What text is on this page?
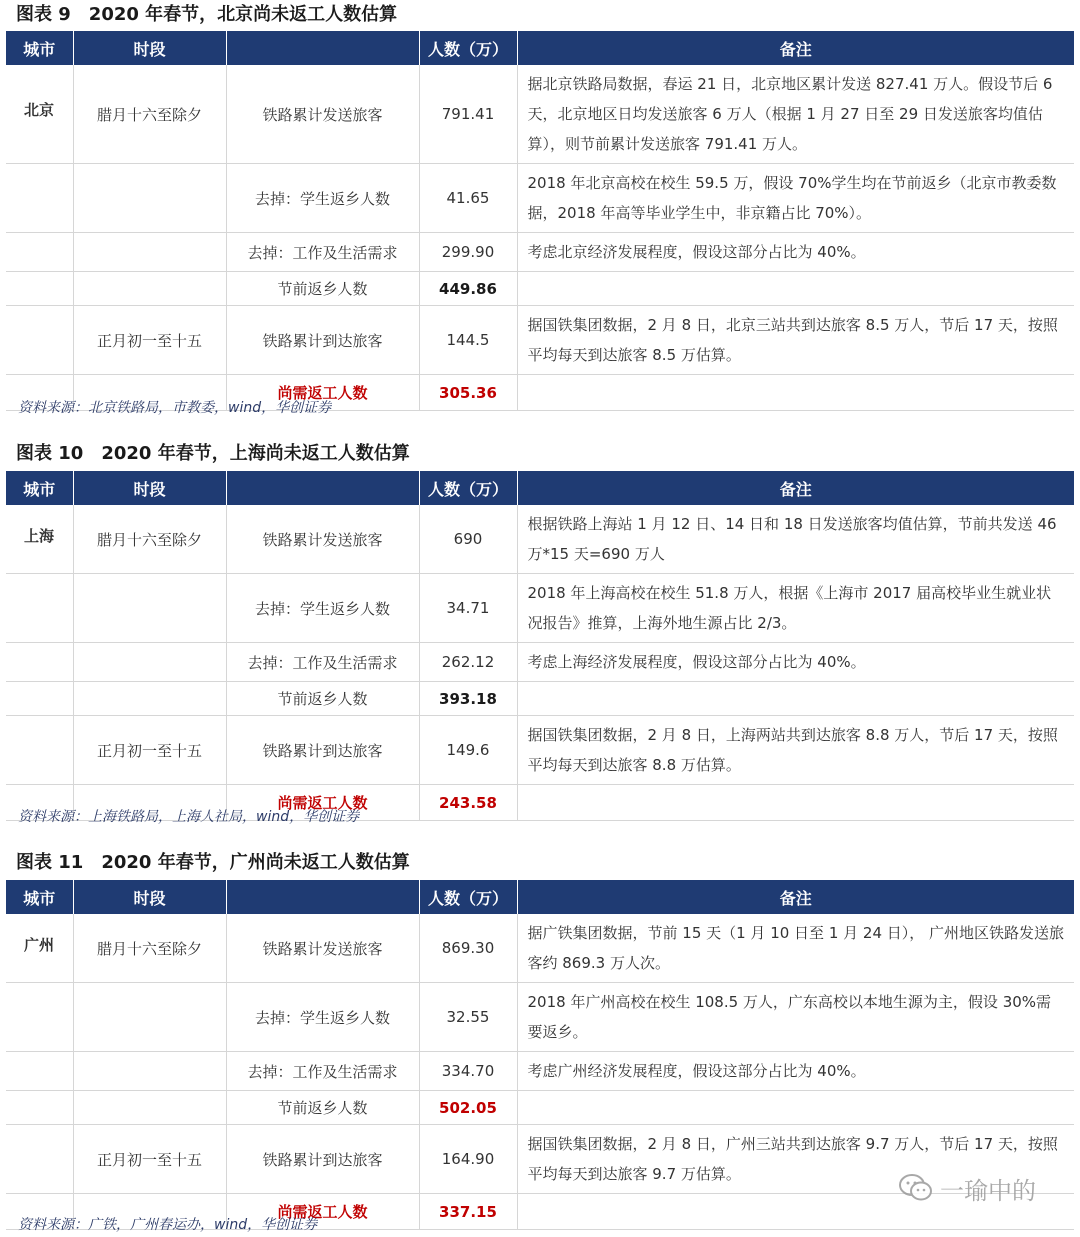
图表 9 2020 年春节，北京尚未返工人数估算
城市	时段		人数（万）	备注
北京	腊月十六至除夕	铁路累计发送旅客	791.41	据北京铁路局数据，春运 21 日，北京地区累计发送 827.41 万人。假设节后 6 天，北京地区日均发送旅客 6 万人（根据 1 月 27 日至 29 日发送旅客均值估算），则节前累计发送旅客 791.41 万人。
		去掉：学生返乡人数	41.65	2018 年北京高校在校生 59.5 万，假设 70%学生均在节前返乡（北京市教委数据，2018 年高等毕业学生中，非京籍占比 70%）。
		去掉：工作及生活需求	299.90	考虑北京经济发展程度，假设这部分占比为 40%。
		节前返乡人数	449.86	
	正月初一至十五	铁路累计到达旅客	144.5	据国铁集团数据，2 月 8 日，北京三站共到达旅客 8.5 万人，节后 17 天，按照平均每天到达旅客 8.5 万估算。
		尚需返工人数	305.36	
资料来源：北京铁路局，市教委，wind，华创证券
图表 10 2020 年春节，上海尚未返工人数估算
城市	时段		人数（万）	备注
上海	腊月十六至除夕	铁路累计发送旅客	690	根据铁路上海站 1 月 12 日、14 日和 18 日发送旅客均值估算，节前共发送 46 万*15 天=690 万人
		去掉：学生返乡人数	34.71	2018 年上海高校在校生 51.8 万人，根据《上海市 2017 届高校毕业生就业状况报告》推算，上海外地生源占比 2/3。
		去掉：工作及生活需求	262.12	考虑上海经济发展程度，假设这部分占比为 40%。
		节前返乡人数	393.18	
	正月初一至十五	铁路累计到达旅客	149.6	据国铁集团数据，2 月 8 日，上海两站共到达旅客 8.8 万人，节后 17 天，按照平均每天到达旅客 8.8 万估算。
		尚需返工人数	243.58	
资料来源：上海铁路局，上海人社局，wind，华创证券
图表 11 2020 年春节，广州尚未返工人数估算
城市	时段		人数（万）	备注
广州	腊月十六至除夕	铁路累计发送旅客	869.30	据广铁集团数据，节前 15 天（1 月 10 日至 1 月 24 日）， 广州地区铁路发送旅客约 869.3 万人次。
		去掉：学生返乡人数	32.55	2018 年广州高校在校生 108.5 万人，广东高校以本地生源为主，假设 30%需要返乡。
		去掉：工作及生活需求	334.70	考虑广州经济发展程度，假设这部分占比为 40%。
		节前返乡人数	502.05	
	正月初一至十五	铁路累计到达旅客	164.90	据国铁集团数据，2 月 8 日，广州三站共到达旅客 9.7 万人，节后 17 天，按照平均每天到达旅客 9.7 万估算。
		尚需返工人数	337.15	
资料来源：广铁，广州春运办，wind，华创证券
一瑜中的
